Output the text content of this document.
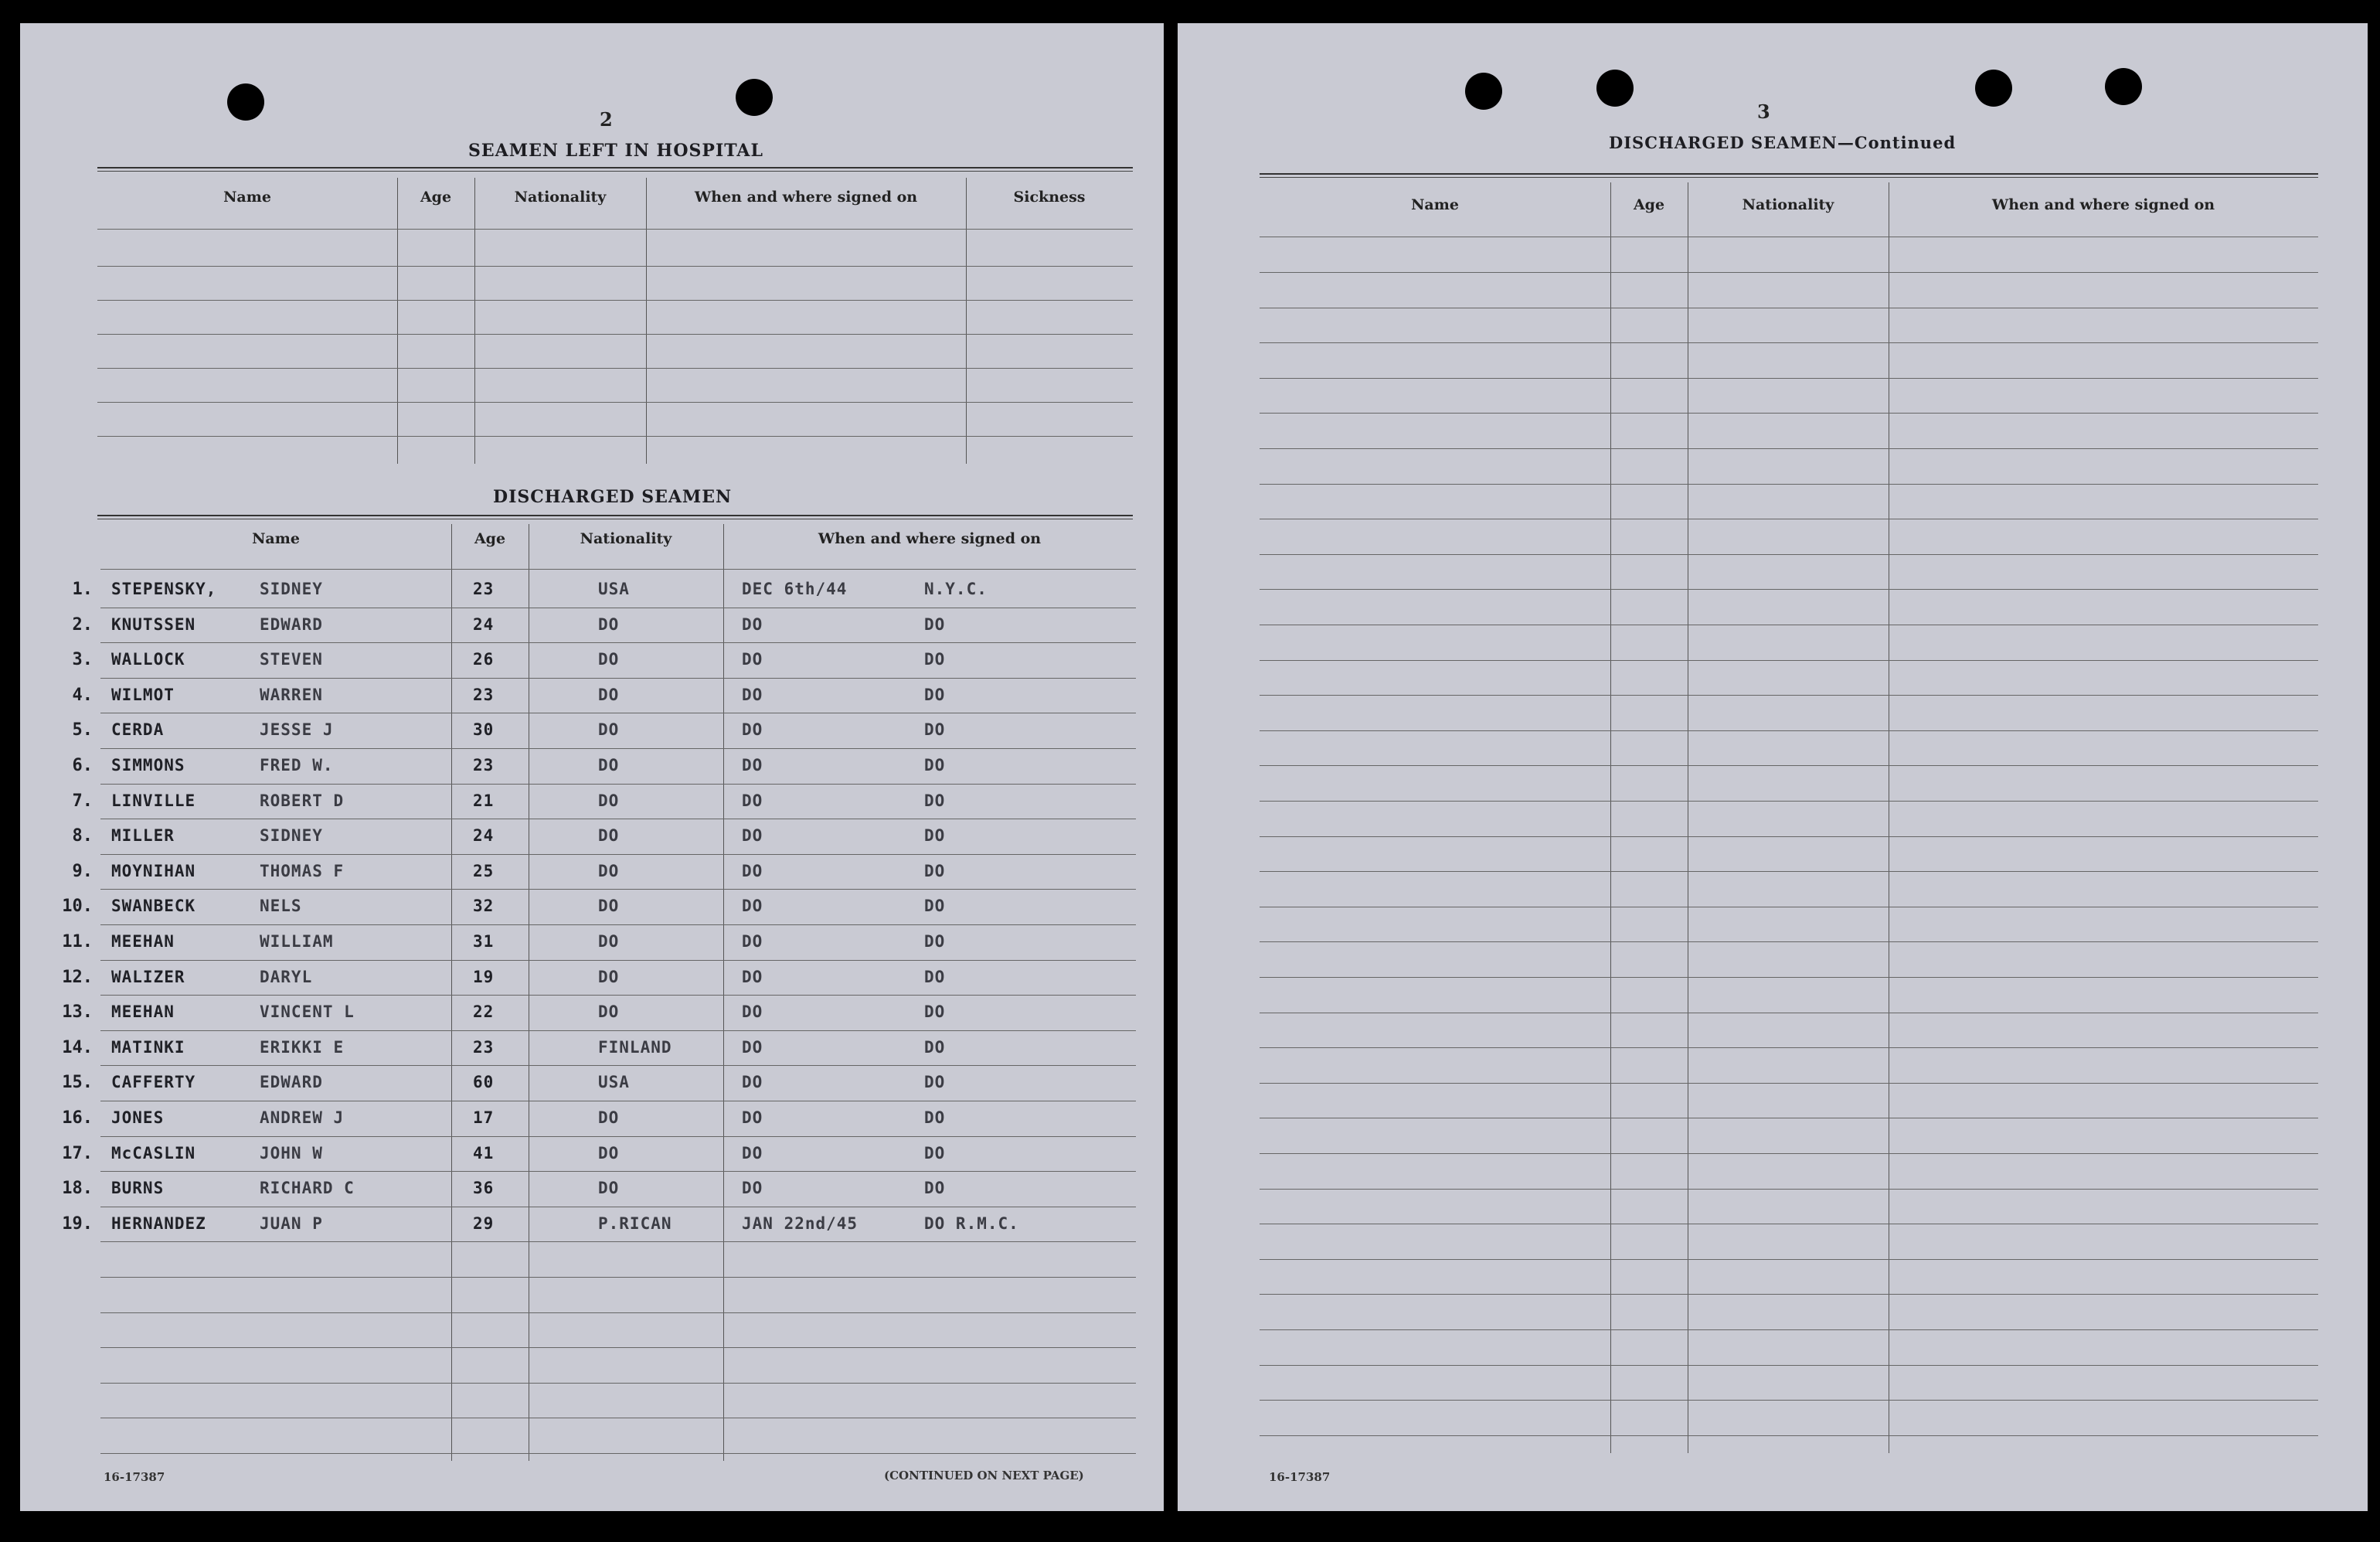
2
SEAMEN LEFT IN HOSPITAL
Name	Age	Nationality	When and where signed on	Sickness
DISCHARGED SEAMEN
Name	Age	Nationality	When and where signed on
1. STEPENSKY,	SIDNEY	23	USA	DEC 6th/44	N.Y.C.
2. KNUTSSEN	EDWARD	24	DO	DO	DO
3. WALLOCK	STEVEN	26	DO	DO	DO
4. WILMOT	WARREN	23	DO	DO	DO
5. CERDA	JESSE J	30	DO	DO	DO
6. SIMMONS	FRED W.	23	DO	DO	DO
7. LINVILLE	ROBERT D	21	DO	DO	DO
8. MILLER	SIDNEY	24	DO	DO	DO
9. MOYNIHAN	THOMAS F	25	DO	DO	DO
10. SWANBECK	NELS	32	DO	DO	DO
11. MEEHAN	WILLIAM	31	DO	DO	DO
12. WALIZER	DARYL	19	DO	DO	DO
13. MEEHAN	VINCENT L	22	DO	DO	DO
14. MATINKI	ERIKKI E	23	FINLAND	DO	DO
15. CAFFERTY	EDWARD	60	USA	DO	DO
16. JONES	ANDREW J	17	DO	DO	DO
17. McCASLIN	JOHN W	41	DO	DO	DO
18. BURNS	RICHARD C	36	DO	DO	DO
19. HERNANDEZ	JUAN P	29	P.RICAN	JAN 22nd/45	DO R.M.C.
16-17387	(CONTINUED ON NEXT PAGE)
3
DISCHARGED SEAMEN—Continued
Name	Age	Nationality	When and where signed on
16-17387
